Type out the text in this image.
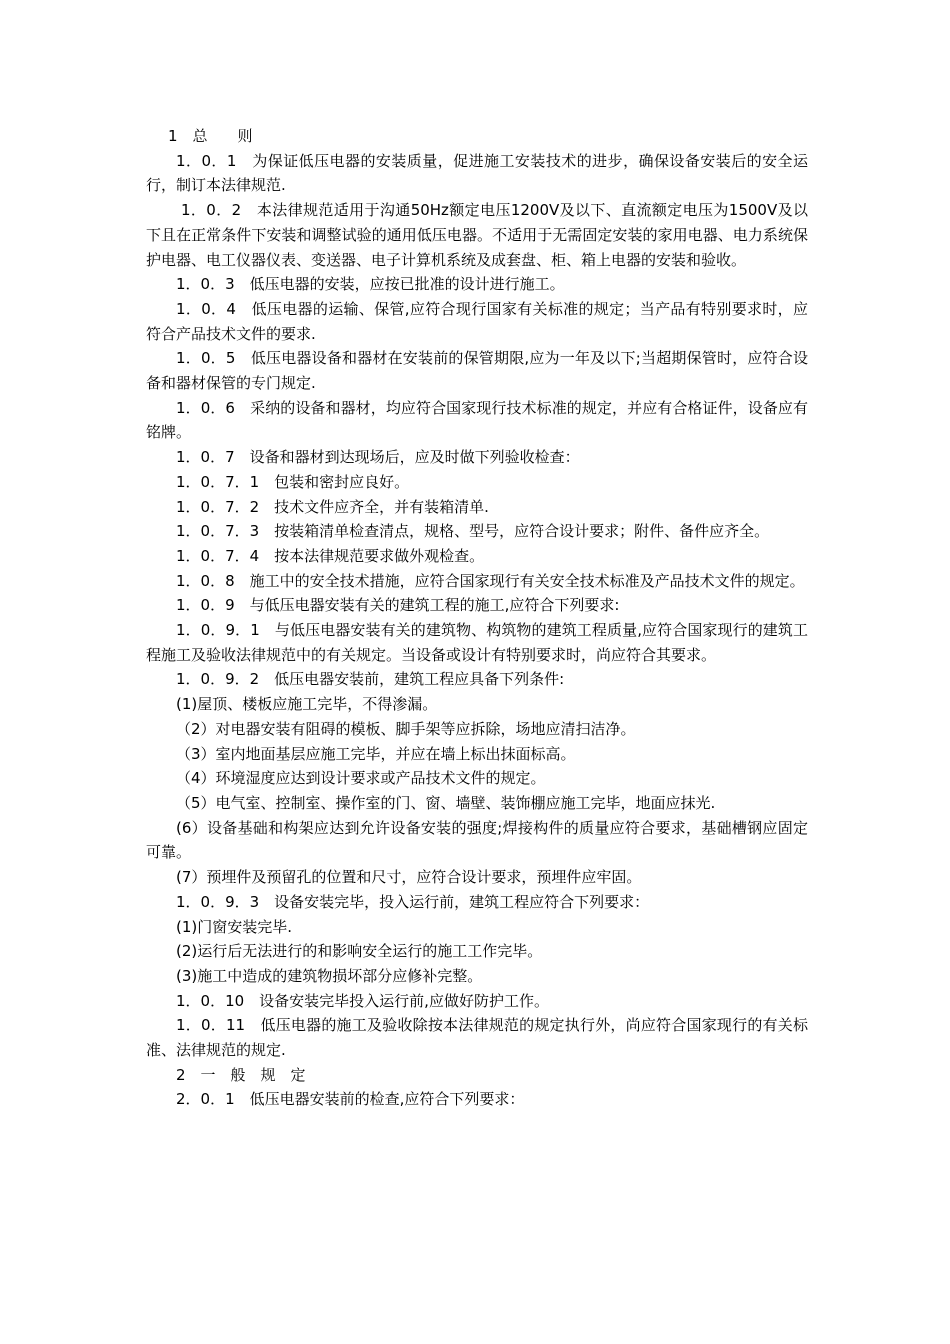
1　总　　则

1．0．1　为保证低压电器的安装质量，促进施工安装技术的进步，确保设备安装后的安全运行，制订本法律规范.

1．0．2　本法律规范适用于沟通50Hz额定电压1200V及以下、直流额定电压为1500V及以下且在正常条件下安装和调整试验的通用低压电器。不适用于无需固定安装的家用电器、电力系统保护电器、电工仪器仪表、变送器、电子计算机系统及成套盘、柜、箱上电器的安装和验收。

1．0．3　低压电器的安装，应按已批准的设计进行施工。

1．0．4　低压电器的运输、保管,应符合现行国家有关标准的规定；当产品有特别要求时，应符合产品技术文件的要求.

1．0．5　低压电器设备和器材在安装前的保管期限,应为一年及以下;当超期保管时，应符合设备和器材保管的专门规定.

1．0．6　采纳的设备和器材，均应符合国家现行技术标准的规定，并应有合格证件，设备应有铭牌。

1．0．7　设备和器材到达现场后，应及时做下列验收检查：

1．0．7．1　包装和密封应良好。

1．0．7．2　技术文件应齐全，并有装箱清单.

1．0．7．3　按装箱清单检查清点，规格、型号，应符合设计要求；附件、备件应齐全。

1．0．7．4　按本法律规范要求做外观检查。

1．0．8　施工中的安全技术措施，应符合国家现行有关安全技术标准及产品技术文件的规定。

1．0．9　与低压电器安装有关的建筑工程的施工,应符合下列要求:

1．0．9．1　与低压电器安装有关的建筑物、构筑物的建筑工程质量,应符合国家现行的建筑工程施工及验收法律规范中的有关规定。当设备或设计有特别要求时，尚应符合其要求。

1．0．9．2　低压电器安装前，建筑工程应具备下列条件:

(1)屋顶、楼板应施工完毕，不得渗漏。

（2）对电器安装有阻碍的模板、脚手架等应拆除，场地应清扫洁净。

（3）室内地面基层应施工完毕，并应在墙上标出抹面标高。

（4）环境湿度应达到设计要求或产品技术文件的规定。

（5）电气室、控制室、操作室的门、窗、墙壁、装饰棚应施工完毕，地面应抹光.

(6）设备基础和构架应达到允许设备安装的强度;焊接构件的质量应符合要求，基础槽钢应固定可靠。

(7）预埋件及预留孔的位置和尺寸，应符合设计要求，预埋件应牢固。

1．0．9．3　设备安装完毕，投入运行前，建筑工程应符合下列要求：

(1)门窗安装完毕.

(2)运行后无法进行的和影响安全运行的施工工作完毕。

(3)施工中造成的建筑物损坏部分应修补完整。

1．0．10　设备安装完毕投入运行前,应做好防护工作。

1．0．11　低压电器的施工及验收除按本法律规范的规定执行外，尚应符合国家现行的有关标准、法律规范的规定.

2　一　般　规　定

2．0．1　低压电器安装前的检查,应符合下列要求：
